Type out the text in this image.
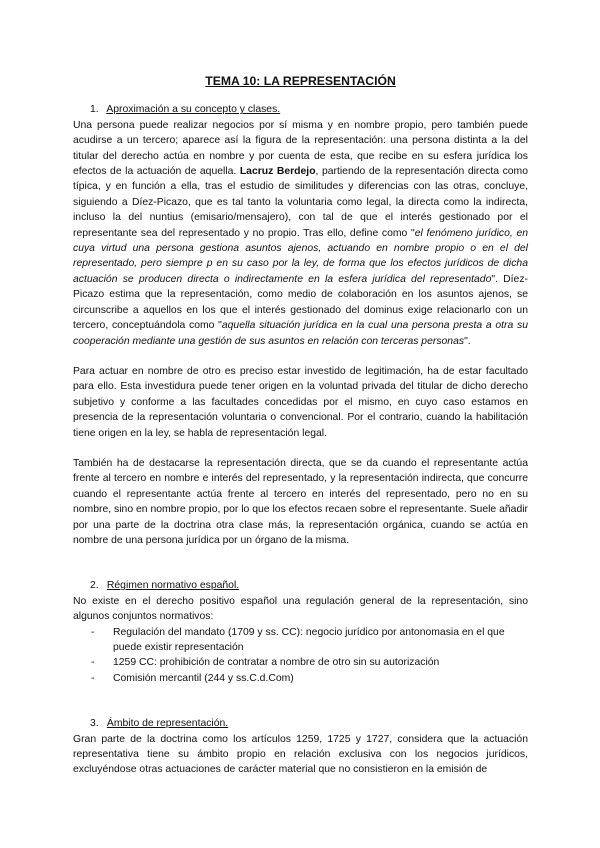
TEMA 10: LA REPRESENTACIÓN
1. Aproximación a su concepto y clases.

Una persona puede realizar negocios por sí misma y en nombre propio, pero también puede acudirse a un tercero; aparece así la figura de la representación: una persona distinta a la del titular del derecho actúa en nombre y por cuenta de esta, que recibe en su esfera jurídica los efectos de la actuación de aquella. Lacruz Berdejo, partiendo de la representación directa como típica, y en función a ella, tras el estudio de similitudes y diferencias con las otras, concluye, siguiendo a Díez-Picazo, que es tal tanto la voluntaria como legal, la directa como la indirecta, incluso la del nuntius (emisario/mensajero), con tal de que el interés gestionado por el representante sea del representado y no propio. Tras ello, define como "el fenómeno jurídico, en cuya virtud una persona gestiona asuntos ajenos, actuando en nombre propio o en el del representado, pero siempre p en su caso por la ley, de forma que los efectos jurídicos de dicha actuación se producen directa o indirectamente en la esfera jurídica del representado". Díez-Picazo estima que la representación, como medio de colaboración en los asuntos ajenos, se circunscribe a aquellos en los que el interés gestionado del dominus exige relacionarlo con un tercero, conceptuándola como "aquella situación jurídica en la cual una persona presta a otra su cooperación mediante una gestión de sus asuntos en relación con terceras personas".

Para actuar en nombre de otro es preciso estar investido de legitimación, ha de estar facultado para ello. Esta investidura puede tener origen en la voluntad privada del titular de dicho derecho subjetivo y conforme a las facultades concedidas por el mismo, en cuyo caso estamos en presencia de la representación voluntaria o convencional. Por el contrario, cuando la habilitación tiene origen en la ley, se habla de representación legal.

También ha de destacarse la representación directa, que se da cuando el representante actúa frente al tercero en nombre e interés del representado, y la representación indirecta, que concurre cuando el representante actúa frente al tercero en interés del representado, pero no en su nombre, sino en nombre propio, por lo que los efectos recaen sobre el representante. Suele añadir por una parte de la doctrina otra clase más, la representación orgánica, cuando se actúa en nombre de una persona jurídica por un órgano de la misma.

2. Régimen normativo español.

No existe en el derecho positivo español una regulación general de la representación, sino algunos conjuntos normativos:

- Regulación del mandato (1709 y ss. CC): negocio jurídico por antonomasia en el que puede existir representación
- 1259 CC: prohibición de contratar a nombre de otro sin su autorización
- Comisión mercantil (244 y ss.C.d.Com)
3. Ámbito de representación.

Gran parte de la doctrina como los artículos 1259, 1725 y 1727, considera que la actuación representativa tiene su ámbito propio en relación exclusiva con los negocios jurídicos, excluyéndose otras actuaciones de carácter material que no consistieron en la emisión de
